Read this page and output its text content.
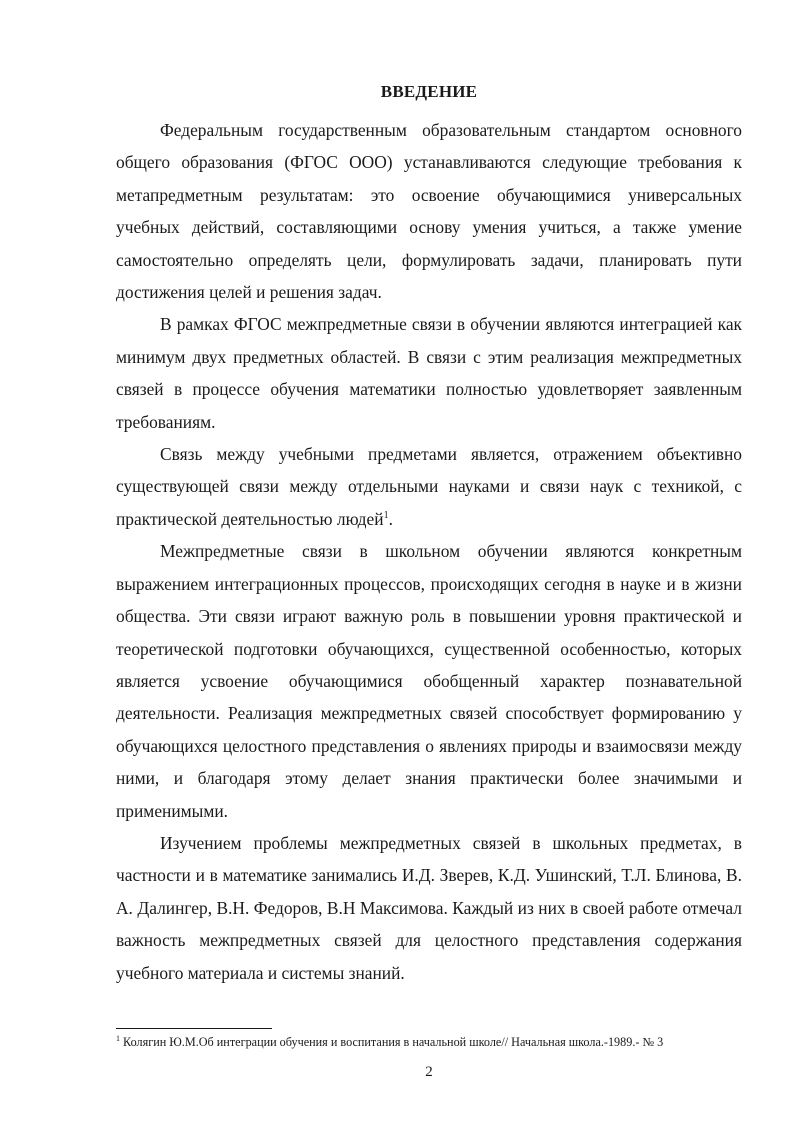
ВВЕДЕНИЕ

Федеральным государственным образовательным стандартом основного общего образования (ФГОС ООО) устанавливаются следующие требования к метапредметным результатам: это освоение обучающимися универсальных учебных действий, составляющими основу умения учиться, а также умение самостоятельно определять цели, формулировать задачи, планировать пути достижения целей и решения задач.

В рамках ФГОС межпредметные связи в обучении являются интеграцией как минимум двух предметных областей. В связи с этим реализация межпредметных связей в процессе обучения математики полностью удовлетворяет заявленным требованиям.

Связь между учебными предметами является, отражением объективно существующей связи между отдельными науками и связи наук с техникой, с практической деятельностью людей$^1$.

Межпредметные связи в школьном обучении являются конкретным выражением интеграционных процессов, происходящих сегодня в науке и в жизни общества. Эти связи играют важную роль в повышении уровня практической и теоретической подготовки обучающихся, существенной особенностью, которых является усвоение обучающимися обобщенный характер познавательной деятельности. Реализация межпредметных связей способствует формированию у обучающихся целостного представления о явлениях природы и взаимосвязи между ними, и благодаря этому делает знания практически более значимыми и применимыми.

Изучением проблемы межпредметных связей в школьных предметах, в частности и в математике занимались И.Д. Зверев, К.Д. Ушинский, Т.Л. Блинова, В. А. Далингер, В.Н. Федоров, В.Н Максимова. Каждый из них в своей работе отмечал важность межпредметных связей для целостного представления содержания учебного материала и системы знаний.

$^1$ Колягин Ю.М.Об интеграции обучения и воспитания в начальной школе// Начальная школа.-1989.- № 3
2
